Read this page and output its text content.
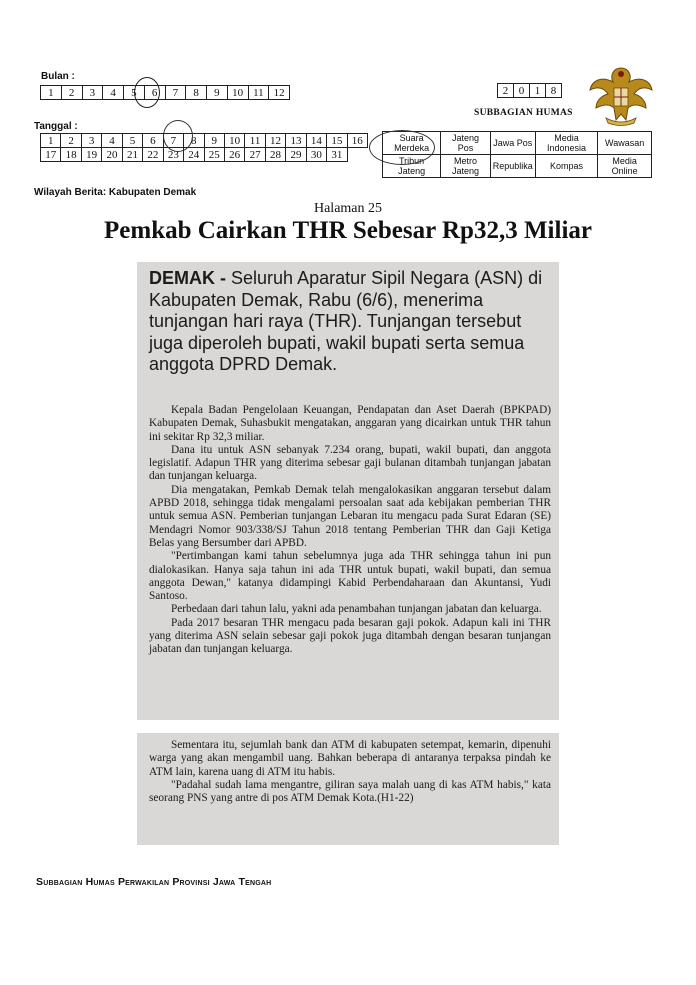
Bulan :
1	2	3	4	5	6	7	8	9	10	11	12
Tanggal :
1	2	3	4	5	6	7	8	9	10	11	12	13	14	15	16
17	18	19	20	21	22	23	24	25	26	27	28	29	30	31	
2	0	1	8
SUBBAGIAN HUMAS
Suara Merdeka	Jateng Pos	Jawa Pos	Media Indonesia	Wawasan
Tribun Jateng	Metro Jateng	Republika	Kompas	Media Online
Wilayah Berita: Kabupaten Demak
Halaman 25
Pemkab Cairkan THR Sebesar Rp32,3 Miliar
DEMAK - Seluruh Aparatur Sipil Negara (ASN) di Kabupaten Demak, Rabu (6/6), menerima tunjangan hari raya (THR). Tunjangan tersebut juga diperoleh bupati, wakil bupati serta semua anggota DPRD Demak.

Kepala Badan Pengelolaan Keuangan, Pendapatan dan Aset Daerah (BPKPAD) Kabupaten Demak, Suhasbukit mengatakan, anggaran yang dicairkan untuk THR tahun ini sekitar Rp 32,3 miliar.

Dana itu untuk ASN sebanyak 7.234 orang, bupati, wakil bupati, dan anggota legislatif. Adapun THR yang diterima sebesar gaji bulanan ditambah tunjangan jabatan dan tunjangan keluarga.

Dia mengatakan, Pemkab Demak telah mengalokasikan anggaran tersebut dalam APBD 2018, sehingga tidak mengalami persoalan saat ada kebijakan pemberian THR untuk semua ASN. Pemberian tunjangan Lebaran itu mengacu pada Surat Edaran (SE) Mendagri Nomor 903/338/SJ Tahun 2018 tentang Pemberian THR dan Gaji Ketiga Belas yang Bersumber dari APBD.

"Pertimbangan kami tahun sebelumnya juga ada THR sehingga tahun ini pun dialokasikan. Hanya saja tahun ini ada THR untuk bupati, wakil bupati, dan semua anggota Dewan," katanya didampingi Kabid Perbendaharaan dan Akuntansi, Yudi Santoso.

Perbedaan dari tahun lalu, yakni ada penambahan tunjangan jabatan dan keluarga.

Pada 2017 besaran THR mengacu pada besaran gaji pokok. Adapun kali ini THR yang diterima ASN selain sebesar gaji pokok juga ditambah dengan besaran tunjangan jabatan dan tunjangan keluarga.

Sementara itu, sejumlah bank dan ATM di kabupaten setempat, kemarin, dipenuhi warga yang akan mengambil uang. Bahkan beberapa di antaranya terpaksa pindah ke ATM lain, karena uang di ATM itu habis.

"Padahal sudah lama mengantre, giliran saya malah uang di kas ATM habis," kata seorang PNS yang antre di pos ATM Demak Kota.(H1-22)

Subbagian Humas Perwakilan Provinsi Jawa Tengah
